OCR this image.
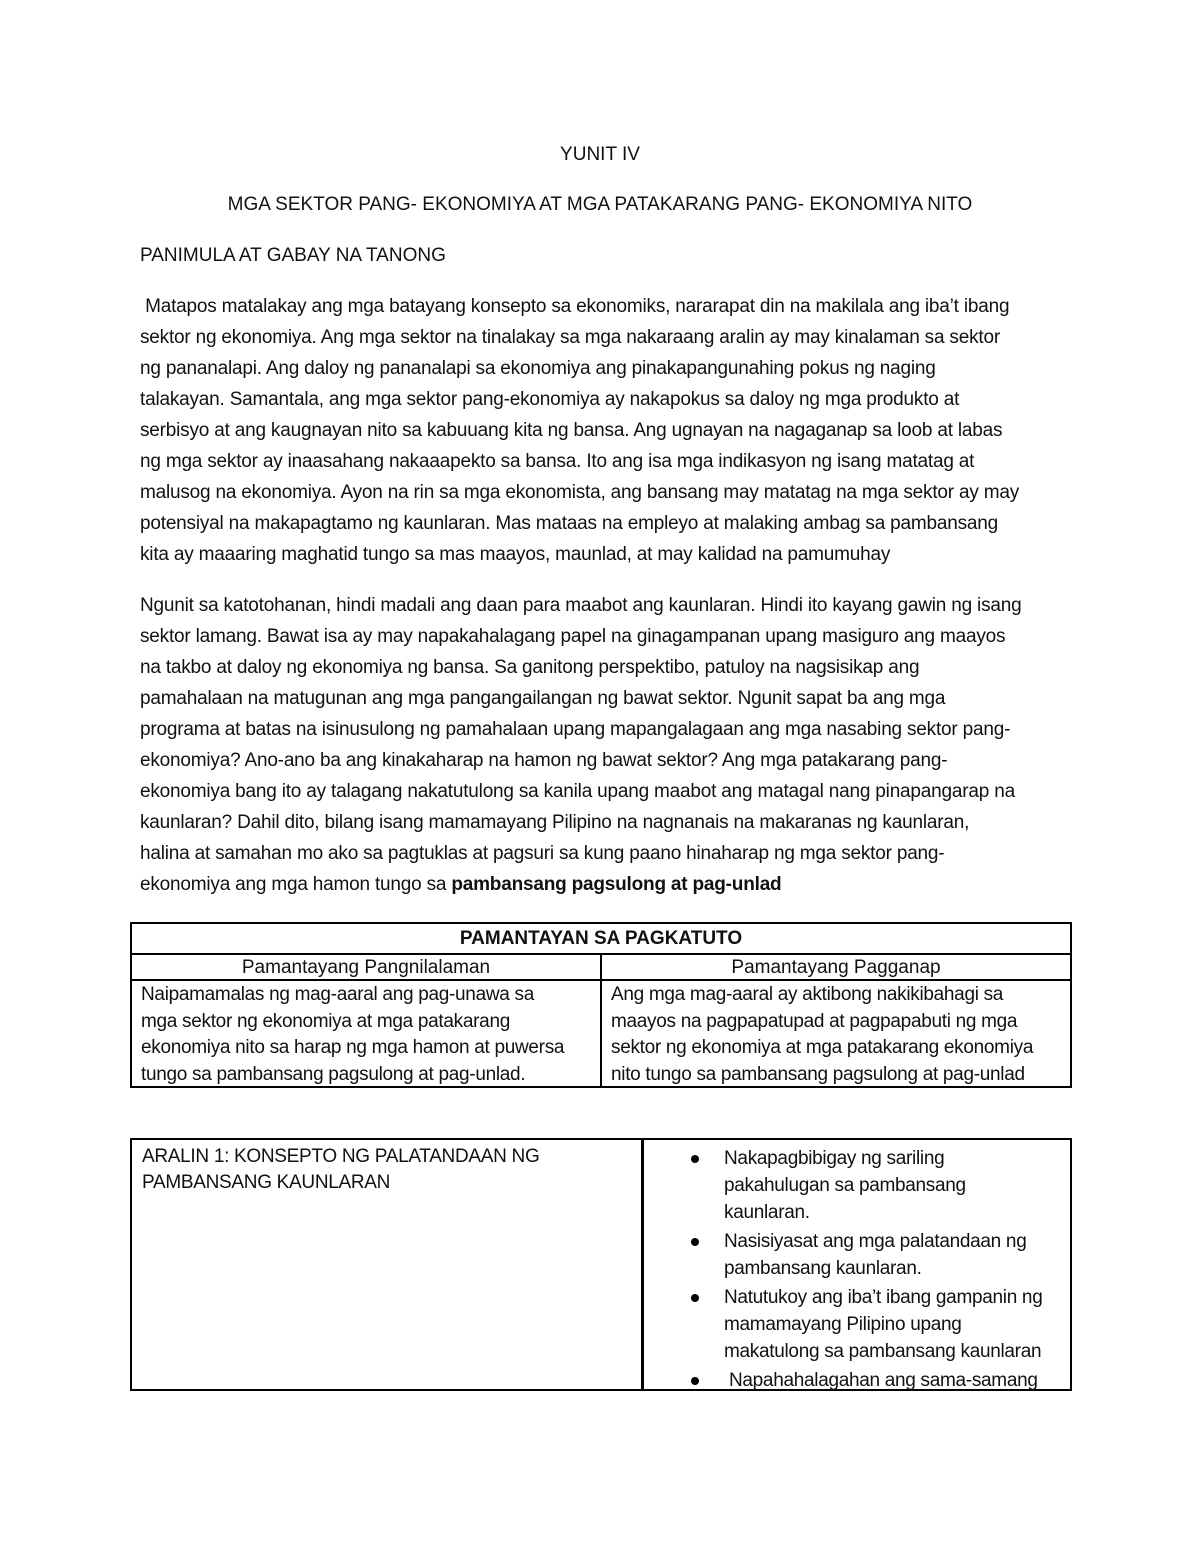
YUNIT IV
MGA SEKTOR PANG- EKONOMIYA AT MGA PATAKARANG PANG- EKONOMIYA NITO
PANIMULA AT GABAY NA TANONG
Matapos matalakay ang mga batayang konsepto sa ekonomiks, nararapat din na makilala ang iba’t ibang
sektor ng ekonomiya. Ang mga sektor na tinalakay sa mga nakaraang aralin ay may kinalaman sa sektor
ng pananalapi. Ang daloy ng pananalapi sa ekonomiya ang pinakapangunahing pokus ng naging
talakayan. Samantala, ang mga sektor pang-ekonomiya ay nakapokus sa daloy ng mga produkto at
serbisyo at ang kaugnayan nito sa kabuuang kita ng bansa. Ang ugnayan na nagaganap sa loob at labas
ng mga sektor ay inaasahang nakaaapekto sa bansa. Ito ang isa mga indikasyon ng isang matatag at
malusog na ekonomiya. Ayon na rin sa mga ekonomista, ang bansang may matatag na mga sektor ay may
potensiyal na makapagtamo ng kaunlaran. Mas mataas na empleyo at malaking ambag sa pambansang
kita ay maaaring maghatid tungo sa mas maayos, maunlad, at may kalidad na pamumuhay
Ngunit sa katotohanan, hindi madali ang daan para maabot ang kaunlaran. Hindi ito kayang gawin ng isang
sektor lamang. Bawat isa ay may napakahalagang papel na ginagampanan upang masiguro ang maayos
na takbo at daloy ng ekonomiya ng bansa. Sa ganitong perspektibo, patuloy na nagsisikap ang
pamahalaan na matugunan ang mga pangangailangan ng bawat sektor. Ngunit sapat ba ang mga
programa at batas na isinusulong ng pamahalaan upang mapangalagaan ang mga nasabing sektor pang-
ekonomiya? Ano-ano ba ang kinakaharap na hamon ng bawat sektor? Ang mga patakarang pang-
ekonomiya bang ito ay talagang nakatutulong sa kanila upang maabot ang matagal nang pinapangarap na
kaunlaran? Dahil dito, bilang isang mamamayang Pilipino na nagnanais na makaranas ng kaunlaran,
halina at samahan mo ako sa pagtuklas at pagsuri sa kung paano hinaharap ng mga sektor pang-
ekonomiya ang mga hamon tungo sa pambansang pagsulong at pag-unlad
PAMANTAYAN SA PAGKATUTO
Pamantayang Pangnilalaman	Pamantayang Pagganap
Naipamamalas ng mag-aaral ang pag-unawa sa
mga sektor ng ekonomiya at mga patakarang
ekonomiya nito sa harap ng mga hamon at puwersa
tungo sa pambansang pagsulong at pag-unlad.
Ang mga mag-aaral ay aktibong nakikibahagi sa
maayos na pagpapatupad at pagpapabuti ng mga
sektor ng ekonomiya at mga patakarang ekonomiya
nito tungo sa pambansang pagsulong at pag-unlad
ARALIN 1: KONSEPTO NG PALATANDAAN NG
PAMBANSANG KAUNLARAN
Nakapagbibigay ng sariling
pakahulugan sa pambansang
kaunlaran.
Nasisiyasat ang mga palatandaan ng
pambansang kaunlaran.
Natutukoy ang iba’t ibang gampanin ng
mamamayang Pilipino upang
makatulong sa pambansang kaunlaran
Napahahalagahan ang sama-samang
